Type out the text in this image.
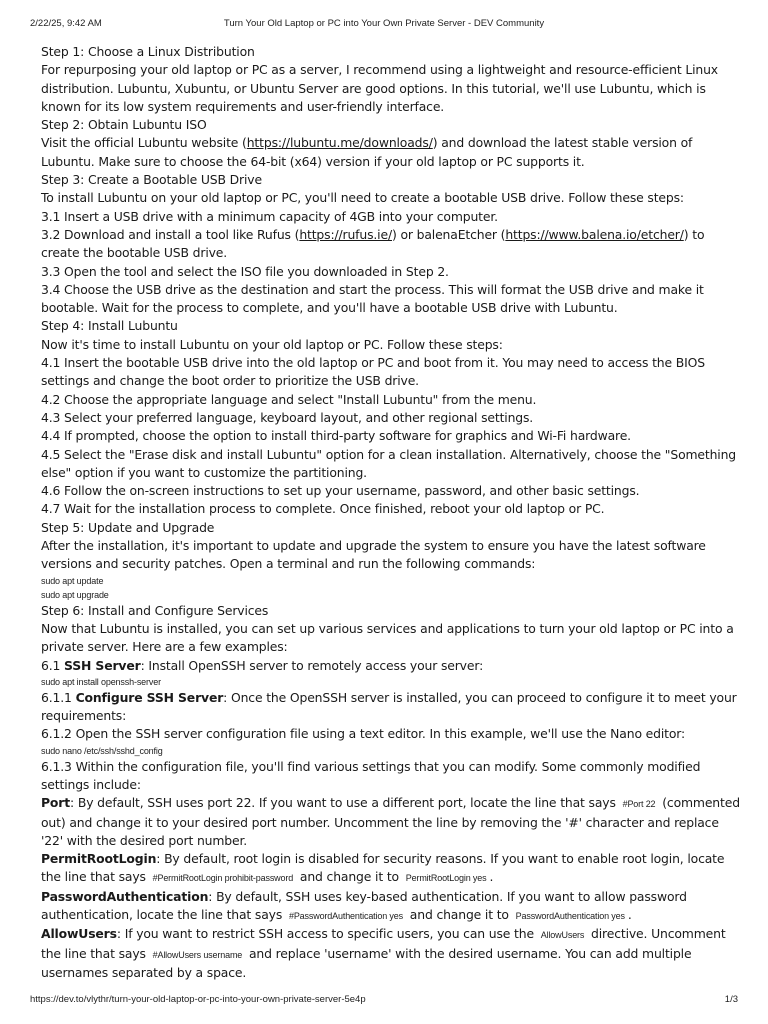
2/22/25, 9:42 AM	Turn Your Old Laptop or PC into Your Own Private Server - DEV Community

Step 1: Choose a Linux Distribution

For repurposing your old laptop or PC as a server, I recommend using a lightweight and resource-efficient Linux distribution. Lubuntu, Xubuntu, or Ubuntu Server are good options. In this tutorial, we'll use Lubuntu, which is known for its low system requirements and user-friendly interface.

Step 2: Obtain Lubuntu ISO

Visit the official Lubuntu website (https://lubuntu.me/downloads/) and download the latest stable version of Lubuntu. Make sure to choose the 64-bit (x64) version if your old laptop or PC supports it.

Step 3: Create a Bootable USB Drive

To install Lubuntu on your old laptop or PC, you'll need to create a bootable USB drive. Follow these steps:

3.1 Insert a USB drive with a minimum capacity of 4GB into your computer.

3.2 Download and install a tool like Rufus (https://rufus.ie/) or balenaEtcher (https://www.balena.io/etcher/) to create the bootable USB drive.

3.3 Open the tool and select the ISO file you downloaded in Step 2.

3.4 Choose the USB drive as the destination and start the process. This will format the USB drive and make it bootable. Wait for the process to complete, and you'll have a bootable USB drive with Lubuntu.

Step 4: Install Lubuntu

Now it's time to install Lubuntu on your old laptop or PC. Follow these steps:

4.1 Insert the bootable USB drive into the old laptop or PC and boot from it. You may need to access the BIOS settings and change the boot order to prioritize the USB drive.

4.2 Choose the appropriate language and select "Install Lubuntu" from the menu.

4.3 Select your preferred language, keyboard layout, and other regional settings.

4.4 If prompted, choose the option to install third-party software for graphics and Wi-Fi hardware.

4.5 Select the "Erase disk and install Lubuntu" option for a clean installation. Alternatively, choose the "Something else" option if you want to customize the partitioning.

4.6 Follow the on-screen instructions to set up your username, password, and other basic settings.

4.7 Wait for the installation process to complete. Once finished, reboot your old laptop or PC.

Step 5: Update and Upgrade

After the installation, it's important to update and upgrade the system to ensure you have the latest software versions and security patches. Open a terminal and run the following commands:

sudo apt update

sudo apt upgrade

Step 6: Install and Configure Services

Now that Lubuntu is installed, you can set up various services and applications to turn your old laptop or PC into a private server. Here are a few examples:

6.1 SSH Server: Install OpenSSH server to remotely access your server:

sudo apt install openssh-server

6.1.1 Configure SSH Server: Once the OpenSSH server is installed, you can proceed to configure it to meet your requirements:

6.1.2 Open the SSH server configuration file using a text editor. In this example, we'll use the Nano editor:

sudo nano /etc/ssh/sshd_config

6.1.3 Within the configuration file, you'll find various settings that you can modify. Some commonly modified settings include:

Port: By default, SSH uses port 22. If you want to use a different port, locate the line that says #Port 22 (commented out) and change it to your desired port number. Uncomment the line by removing the '#' character and replace '22' with the desired port number.

PermitRootLogin: By default, root login is disabled for security reasons. If you want to enable root login, locate the line that says #PermitRootLogin prohibit-password and change it to PermitRootLogin yes .

PasswordAuthentication: By default, SSH uses key-based authentication. If you want to allow password authentication, locate the line that says #PasswordAuthentication yes and change it to PasswordAuthentication yes .

AllowUsers: If you want to restrict SSH access to specific users, you can use the AllowUsers directive. Uncomment the line that says #AllowUsers username and replace 'username' with the desired username. You can add multiple usernames separated by a space.

https://dev.to/vlythr/turn-your-old-laptop-or-pc-into-your-own-private-server-5e4p	1/3
